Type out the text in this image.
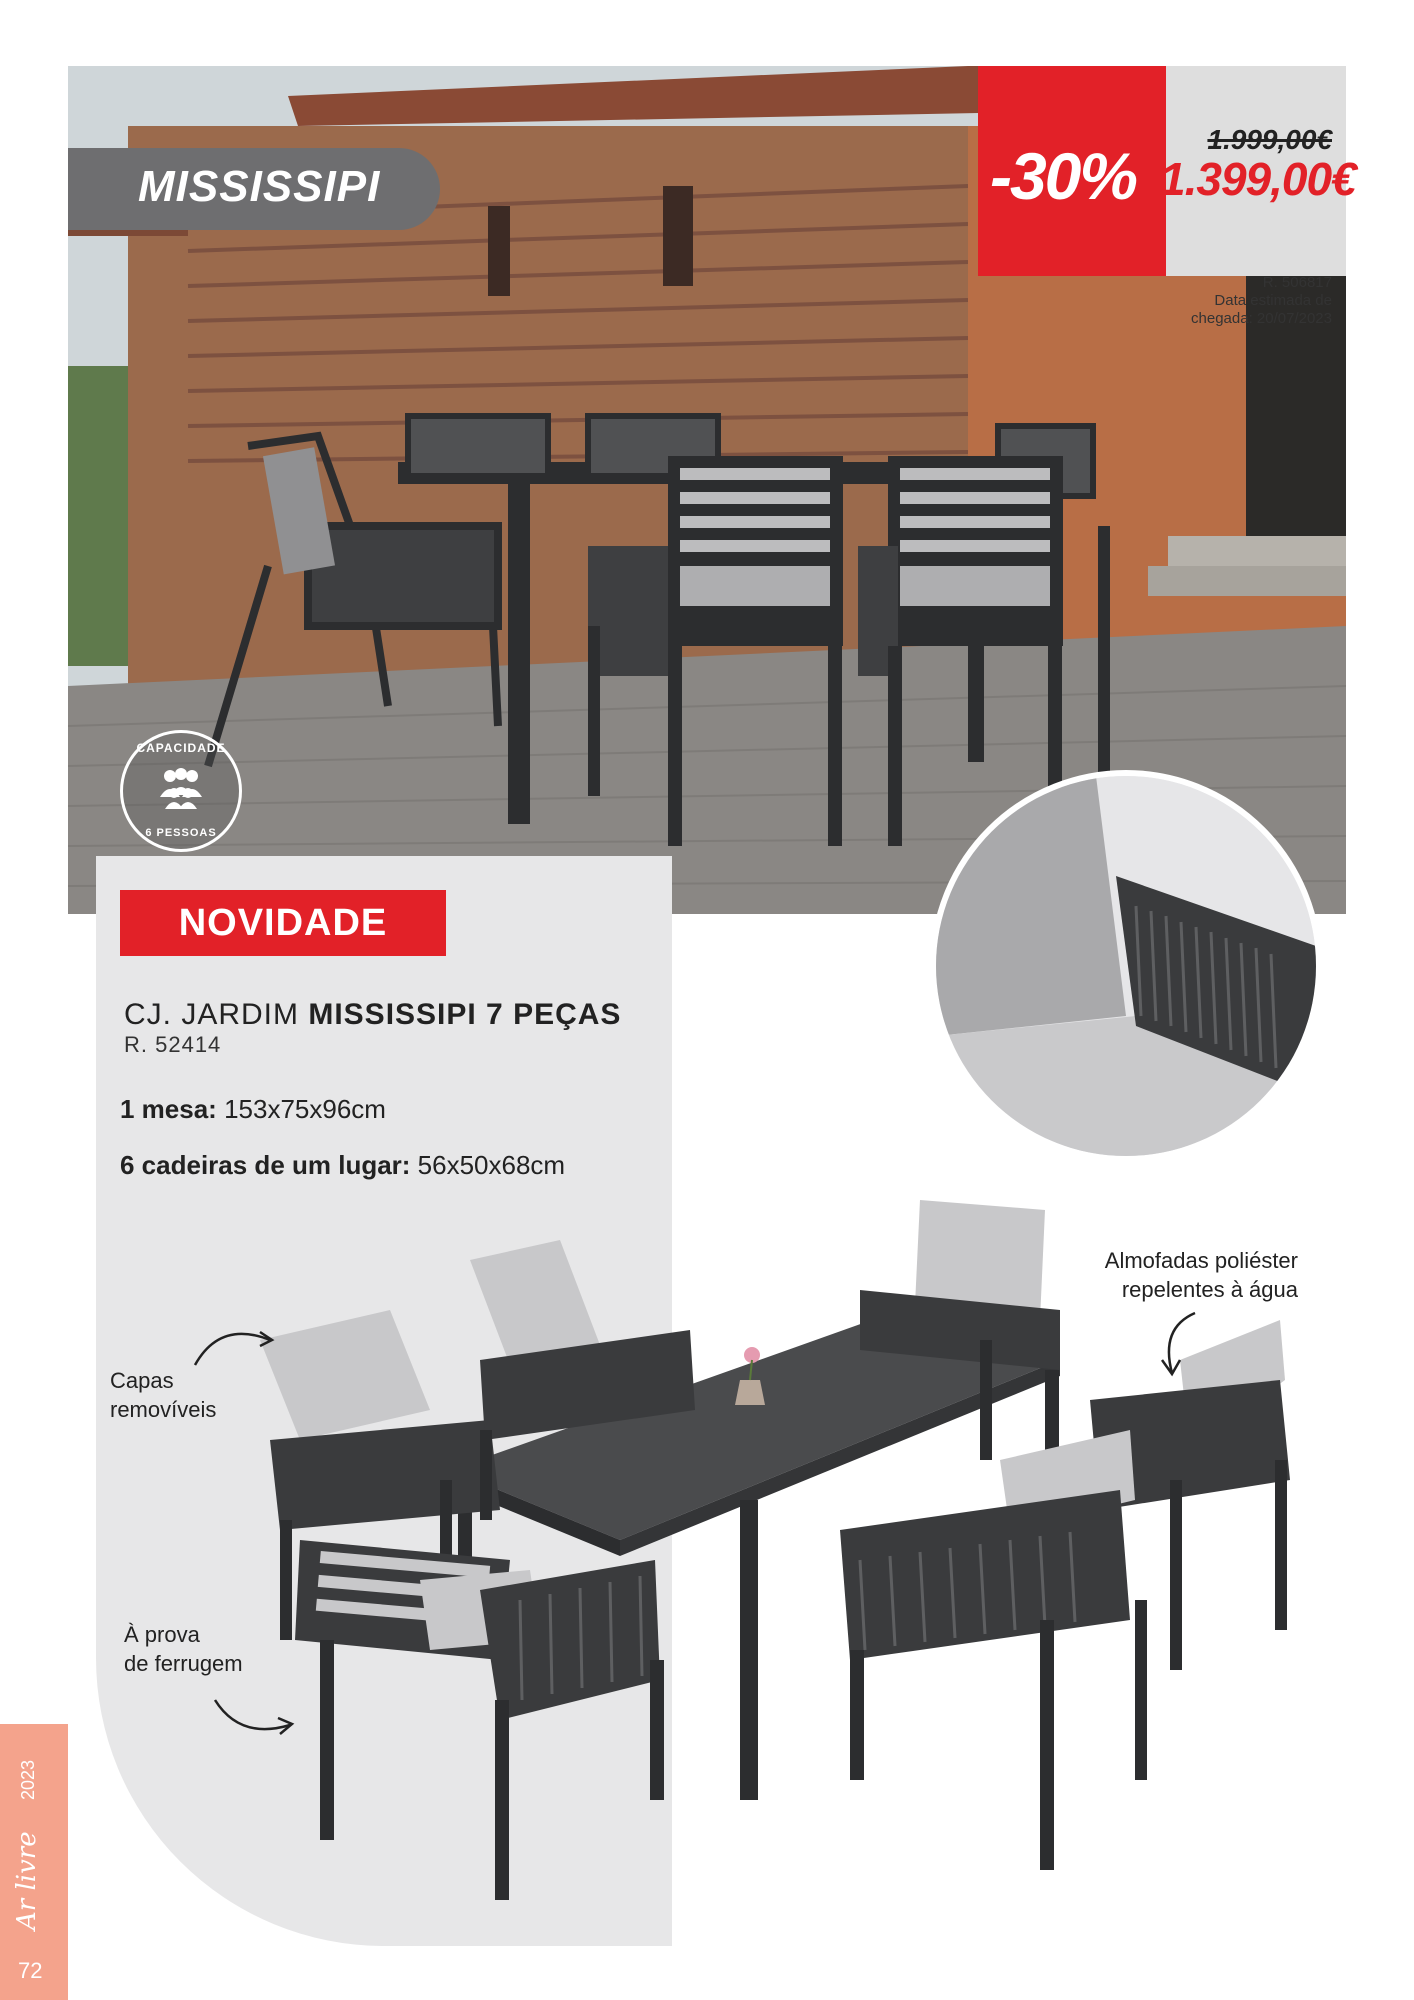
MISSISSIPI	-30%	1.999,00€
R. 506817
Data estimada de
chegada: 20/07/2023
1.399,00€
CAPACIDADE
6 PESSOAS
NOVIDADE
CJ. JARDIM MISSISSIPI 7 PEÇAS
R. 52414
1 mesa: 153x75x96cm
6 cadeiras de um lugar: 56x50x68cm
Capas
removíveis
À prova
de ferrugem
Almofadas poliéster
repelentes à água
2023
Ar livre
72
